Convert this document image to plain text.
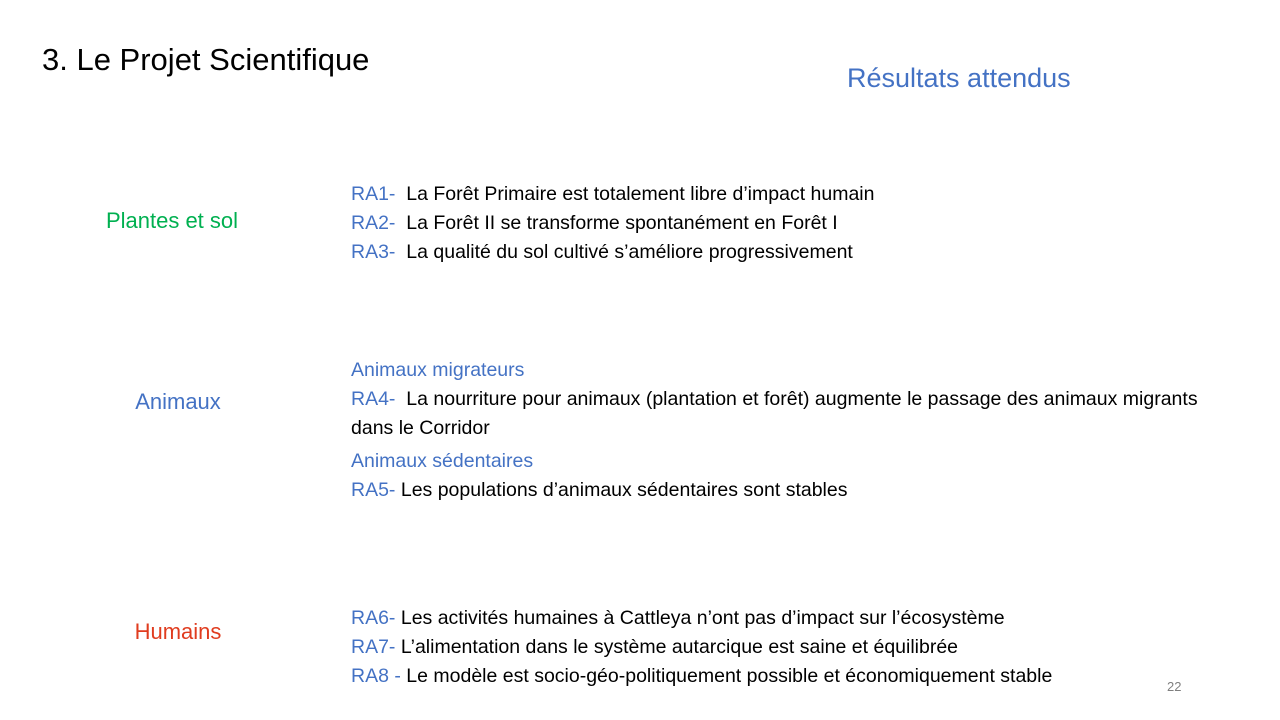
3. Le Projet Scientifique
Résultats attendus
Plantes et sol
Animaux
Humains
RA1- La Forêt Primaire est totalement libre d’impact humain
RA2- La Forêt II se transforme spontanément en Forêt I
RA3- La qualité du sol cultivé s’améliore progressivement
Animaux migrateurs
RA4- La nourriture pour animaux (plantation et forêt) augmente le passage des animaux migrants dans le Corridor
Animaux sédentaires
RA5- Les populations d’animaux sédentaires sont stables
RA6- Les activités humaines à Cattleya n’ont pas d’impact sur l’écosystème
RA7- L’alimentation dans le système autarcique est saine et équilibrée
RA8 - Le modèle est socio-géo-politiquement possible et économiquement stable	22
